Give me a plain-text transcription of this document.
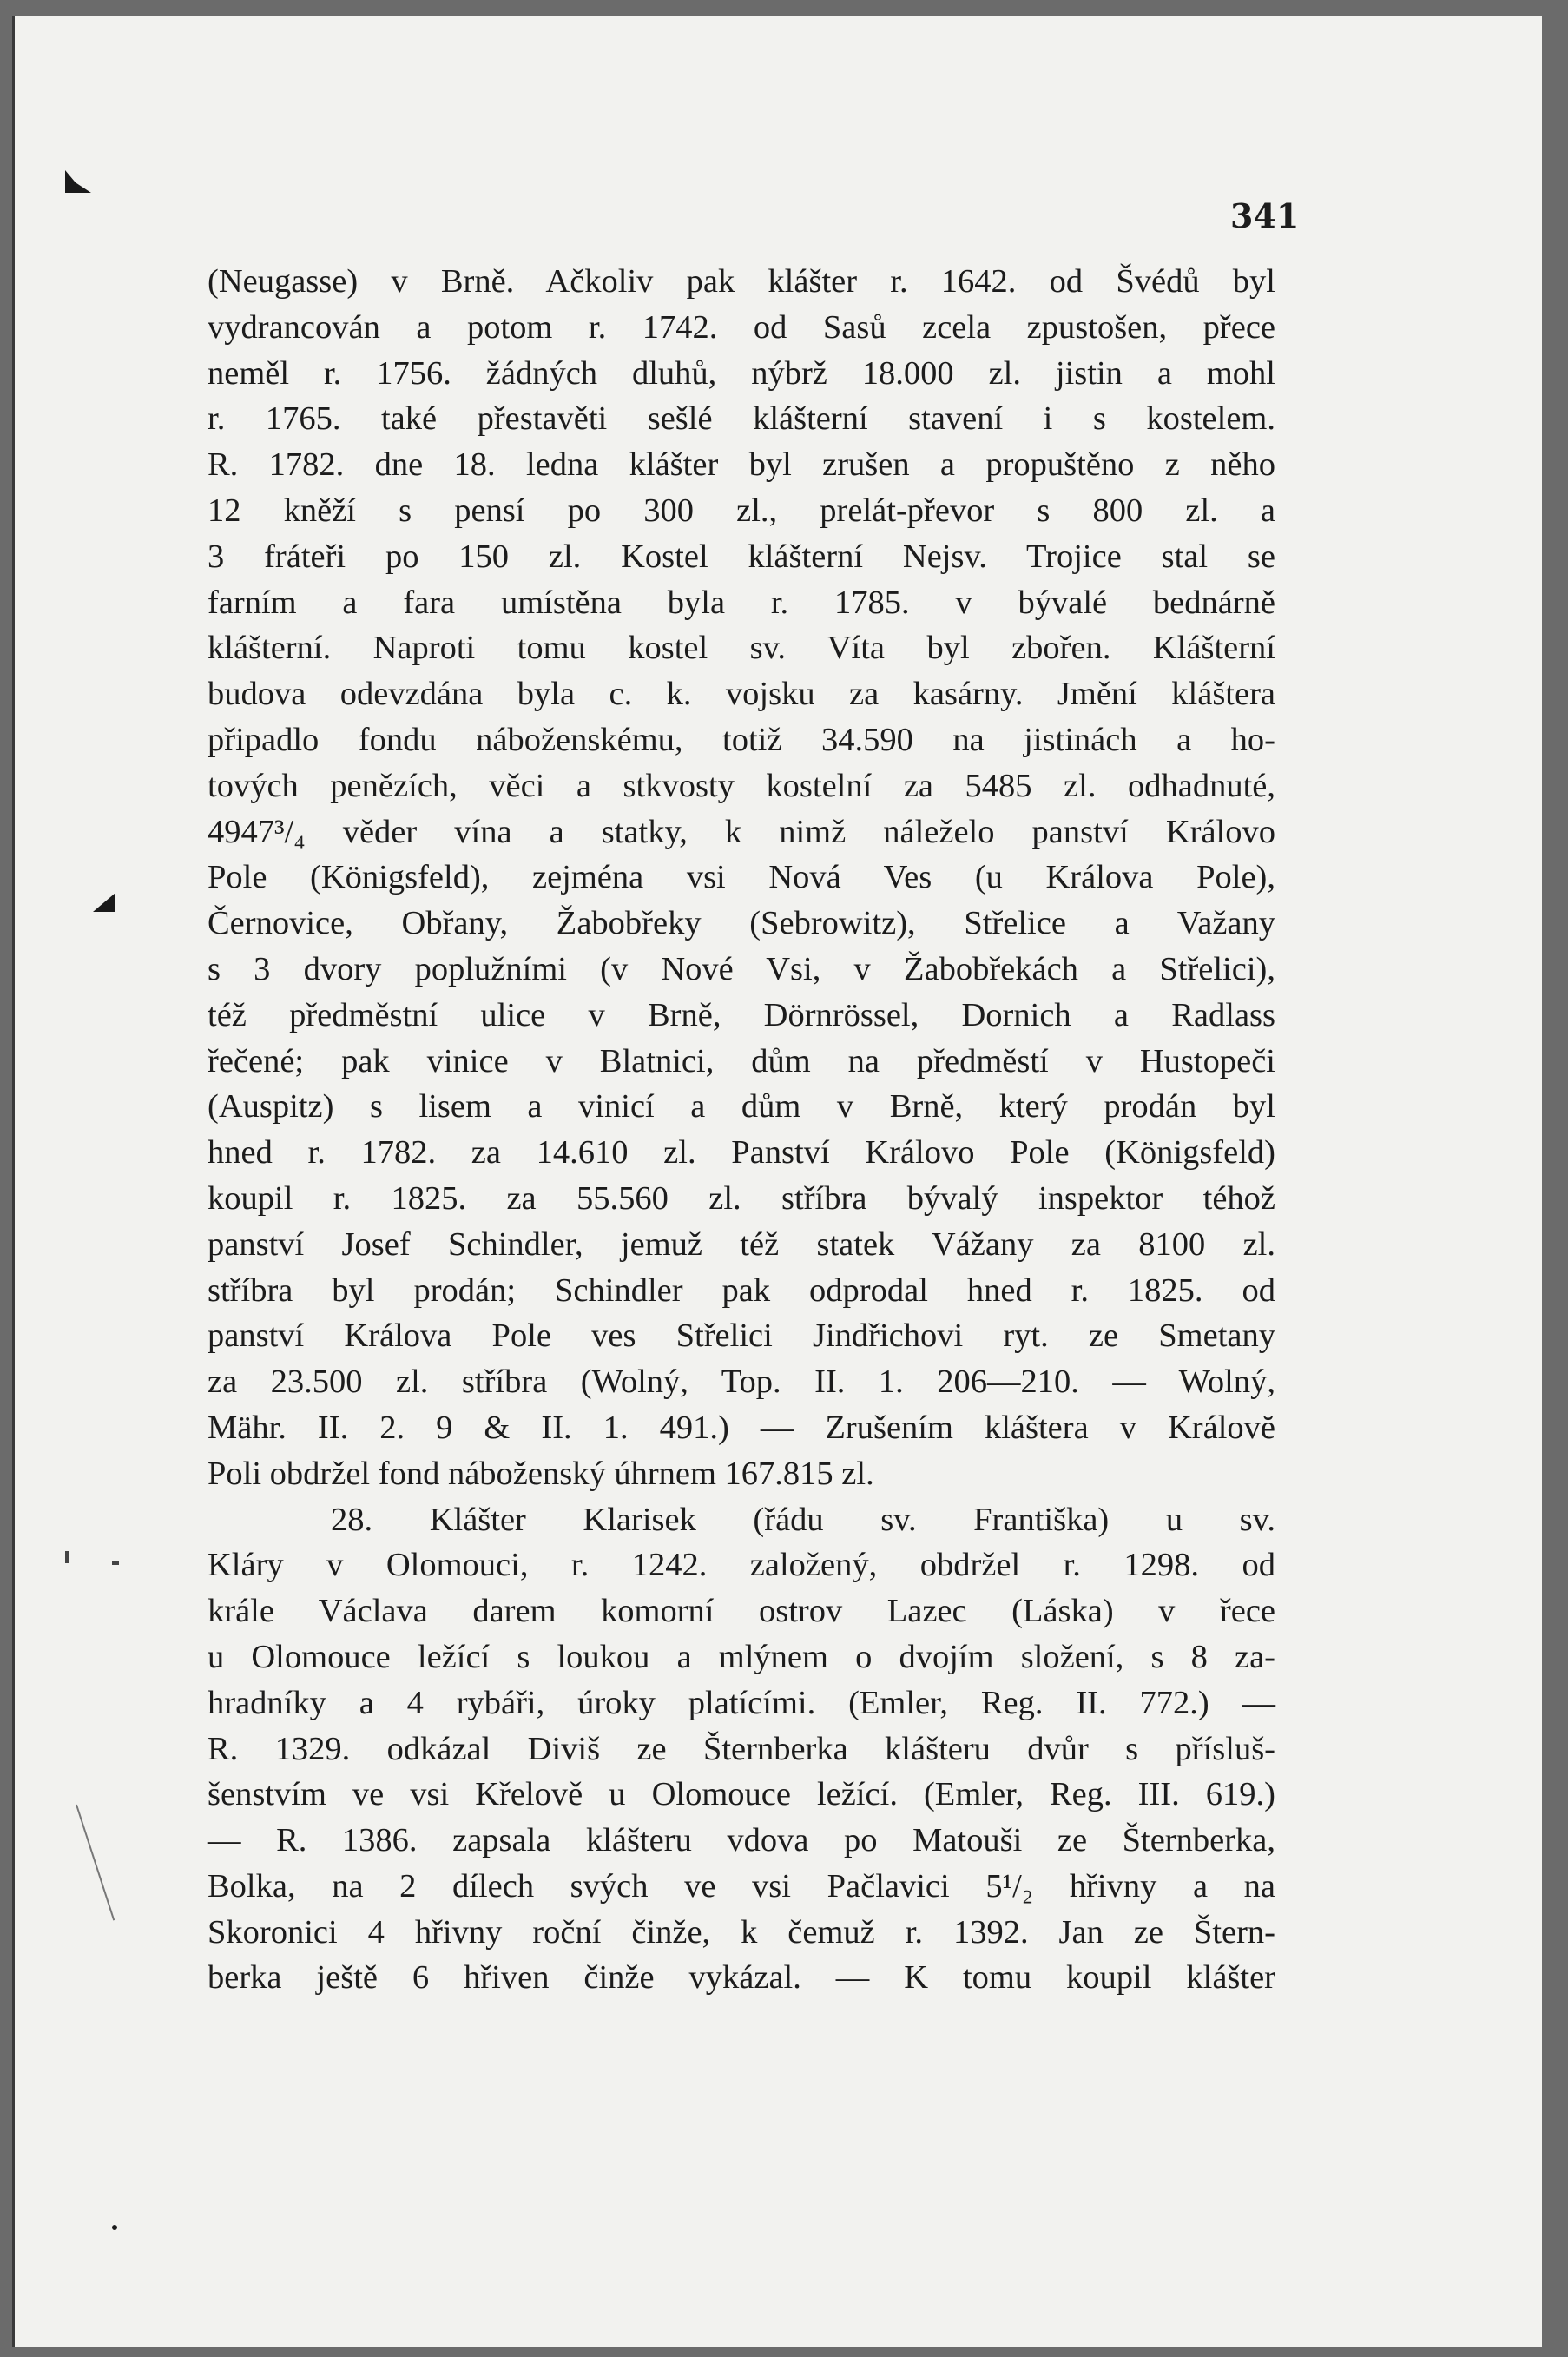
341
(Neugasse) v Brně. Ačkoliv pak klášter r. 1642. od Švédů byl
vydrancován a potom r. 1742. od Sasů zcela zpustošen, přece
neměl r. 1756. žádných dluhů, nýbrž 18.000 zl. jistin a mohl
r. 1765. také přestavěti sešlé klášterní stavení i s kostelem.
R. 1782. dne 18. ledna klášter byl zrušen a propuštěno z něho
12 kněží s pensí po 300 zl., prelát-převor s 800 zl. a
3 fráteři po 150 zl. Kostel klášterní Nejsv. Trojice stal se
farním a fara umístěna byla r. 1785. v bývalé bednárně
klášterní. Naproti tomu kostel sv. Víta byl zbořen. Klášterní
budova odevzdána byla c. k. vojsku za kasárny. Jmění kláštera
připadlo fondu náboženskému, totiž 34.590 na jistinách a ho-
tových penězích, věci a stkvosty kostelní za 5485 zl. odhadnuté,
4947³/₄ věder vína a statky, k nimž náleželo panství Královo
Pole (Königsfeld), zejména vsi Nová Ves (u Králova Pole),
Černovice, Obřany, Žabobřeky (Sebrowitz), Střelice a Važany
s 3 dvory poplužními (v Nové Vsi, v Žabobřekách a Střelici),
též předměstní ulice v Brně, Dörnrössel, Dornich a Radlass
řečené; pak vinice v Blatnici, dům na předměstí v Hustopeči
(Auspitz) s lisem a vinicí a dům v Brně, který prodán byl
hned r. 1782. za 14.610 zl. Panství Královo Pole (Königsfeld)
koupil r. 1825. za 55.560 zl. stříbra bývalý inspektor téhož
panství Josef Schindler, jemuž též statek Vážany za 8100 zl.
stříbra byl prodán; Schindler pak odprodal hned r. 1825. od
panství Králova Pole ves Střelici Jindřichovi ryt. ze Smetany
za 23.500 zl. stříbra (Wolný, Top. II. 1. 206—210. — Wolný,
Mähr. II. 2. 9 & II. 1. 491.) — Zrušením kláštera v Královĕ
Poli obdržel fond náboženský úhrnem 167.815 zl.
28. Klášter Klarisek (řádu sv. Františka) u sv.
Kláry v Olomouci, r. 1242. založený, obdržel r. 1298. od
krále Václava darem komorní ostrov Lazec (Láska) v řece
u Olomouce ležící s loukou a mlýnem o dvojím složení, s 8 za-
hradníky a 4 rybáři, úroky platícími. (Emler, Reg. II. 772.) —
R. 1329. odkázal Diviš ze Šternberka klášteru dvůr s přísluš-
šenstvím ve vsi Křelově u Olomouce ležící. (Emler, Reg. III. 619.)
— R. 1386. zapsala klášteru vdova po Matouši ze Šternberka,
Bolka, na 2 dílech svých ve vsi Pačlavici 5¹/₂ hřivny a na
Skoronici 4 hřivny roční činže, k čemuž r. 1392. Jan ze Štern-
berka ještě 6 hřiven činže vykázal. — K tomu koupil klášter
